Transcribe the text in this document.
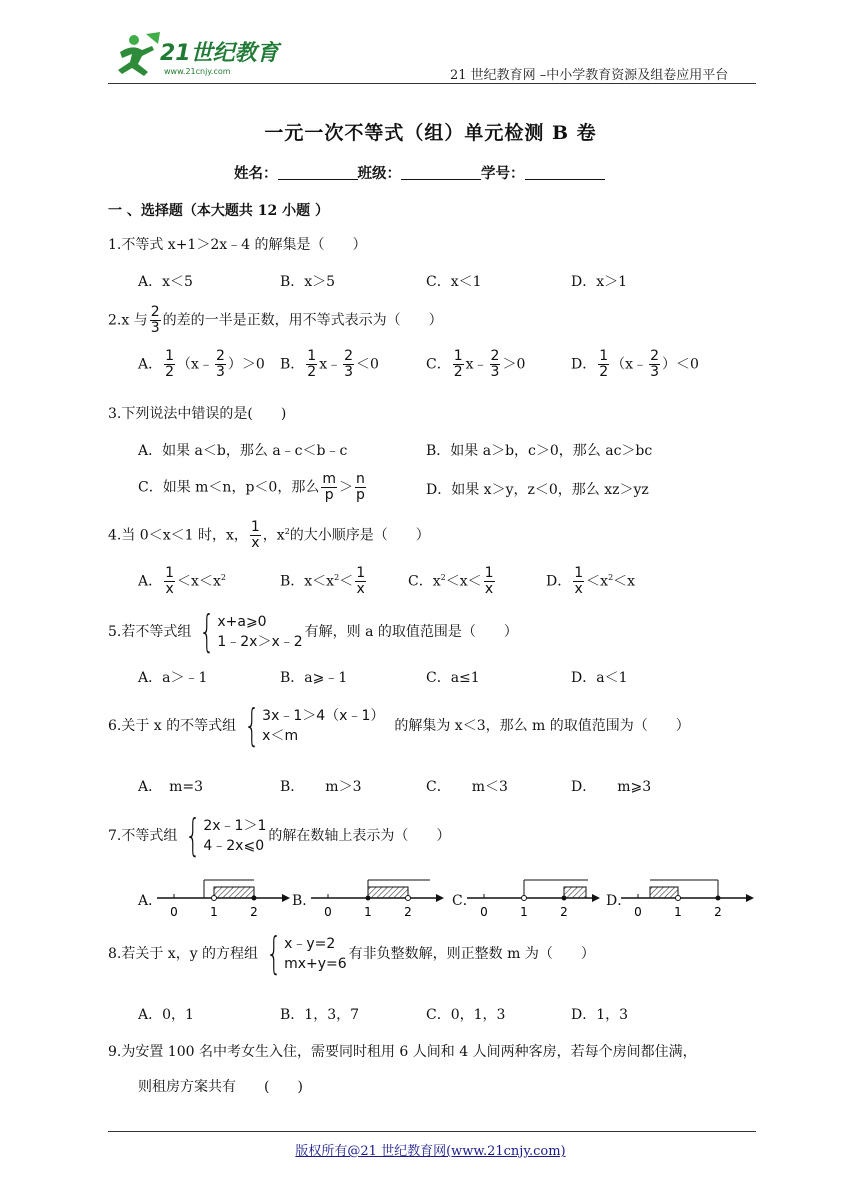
21世纪教育
www.21cnjy.com	21 世纪教育网 –中小学教育资源及组卷应用平台
一元一次不等式（组）单元检测 B 卷
姓名：	班级：	学号：
一 、选择题（本大题共 12 小题 ）
1.不等式 x+1＞2x﹣4 的解集是（　　）
A．x＜5	B．x＞5	C．x＜1	D．x＞1
2.x 与 $\frac{2}{3}$ 的差的一半是正数，用不等式表示为（　　）
A． $\frac{1}{2}$ （x﹣ $\frac{2}{3} )>0$ B． $\frac{1}{2}$ x﹣ $\frac{2}{3} <0$	C． $\frac{1}{2}$ x﹣ $\frac{2}{3} >0$	D． $\frac{1}{2}$ （x﹣ $\frac{2}{3} )<0$
3.下列说法中错误的是(　　)
A．如果 a＜b，那么 a﹣c＜b﹣c	B．如果 a＞b，c＞0，那么 ac＞bc
C．如果 m＜n，p＜0，那么 $\frac{m}{p} > \frac{n}{p}$	D．如果 x＞y，z＜0，那么 xz＞yz
4.当 0＜x＜1 时，x， $\frac{1}{x}$ ，$x^2$的大小顺序是（　　）
A． $\frac{1}{x} <x<x^2$	B．$x<x^2< \frac{1}{x}$	C．$x^2<x< \frac{1}{x}$	D． $\frac{1}{x} <x^2<x$
5.若不等式组 { x+a⩾0
1﹣2x＞x﹣2
有解，则 a 的取值范围是（　　）
A．a＞﹣1	B．a⩾﹣1	C．a≤1	D．a＜1
6.关于 x 的不等式组 { 3x﹣1＞4（x﹣1）
x＜m
的解集为 x＜3，那么 m 的取值范围为（　　）
A．　m=3	B．　　m＞3	C．　　m＜3	D．　　m⩾3
7.不等式组 { 2x﹣1＞1
4﹣2x⩽0
的解在数轴上表示为（　　）
A．	B．	C．	D．
0	1	2	0	1	2	0	1	2	0	1	2
8.若关于 x，y 的方程组 { x﹣y=2
mx+y=6
有非负整数解，则正整数 m 为（　　）
A．0，1	B．1，3，7	C．0，1，3	D．1，3
9.为安置 100 名中考女生入住，需要同时租用 6 人间和 4 人间两种客房，若每个房间都住满，
则租房方案共有　　(　　)
版权所有@21 世纪教育网(www.21cnjy.com)
